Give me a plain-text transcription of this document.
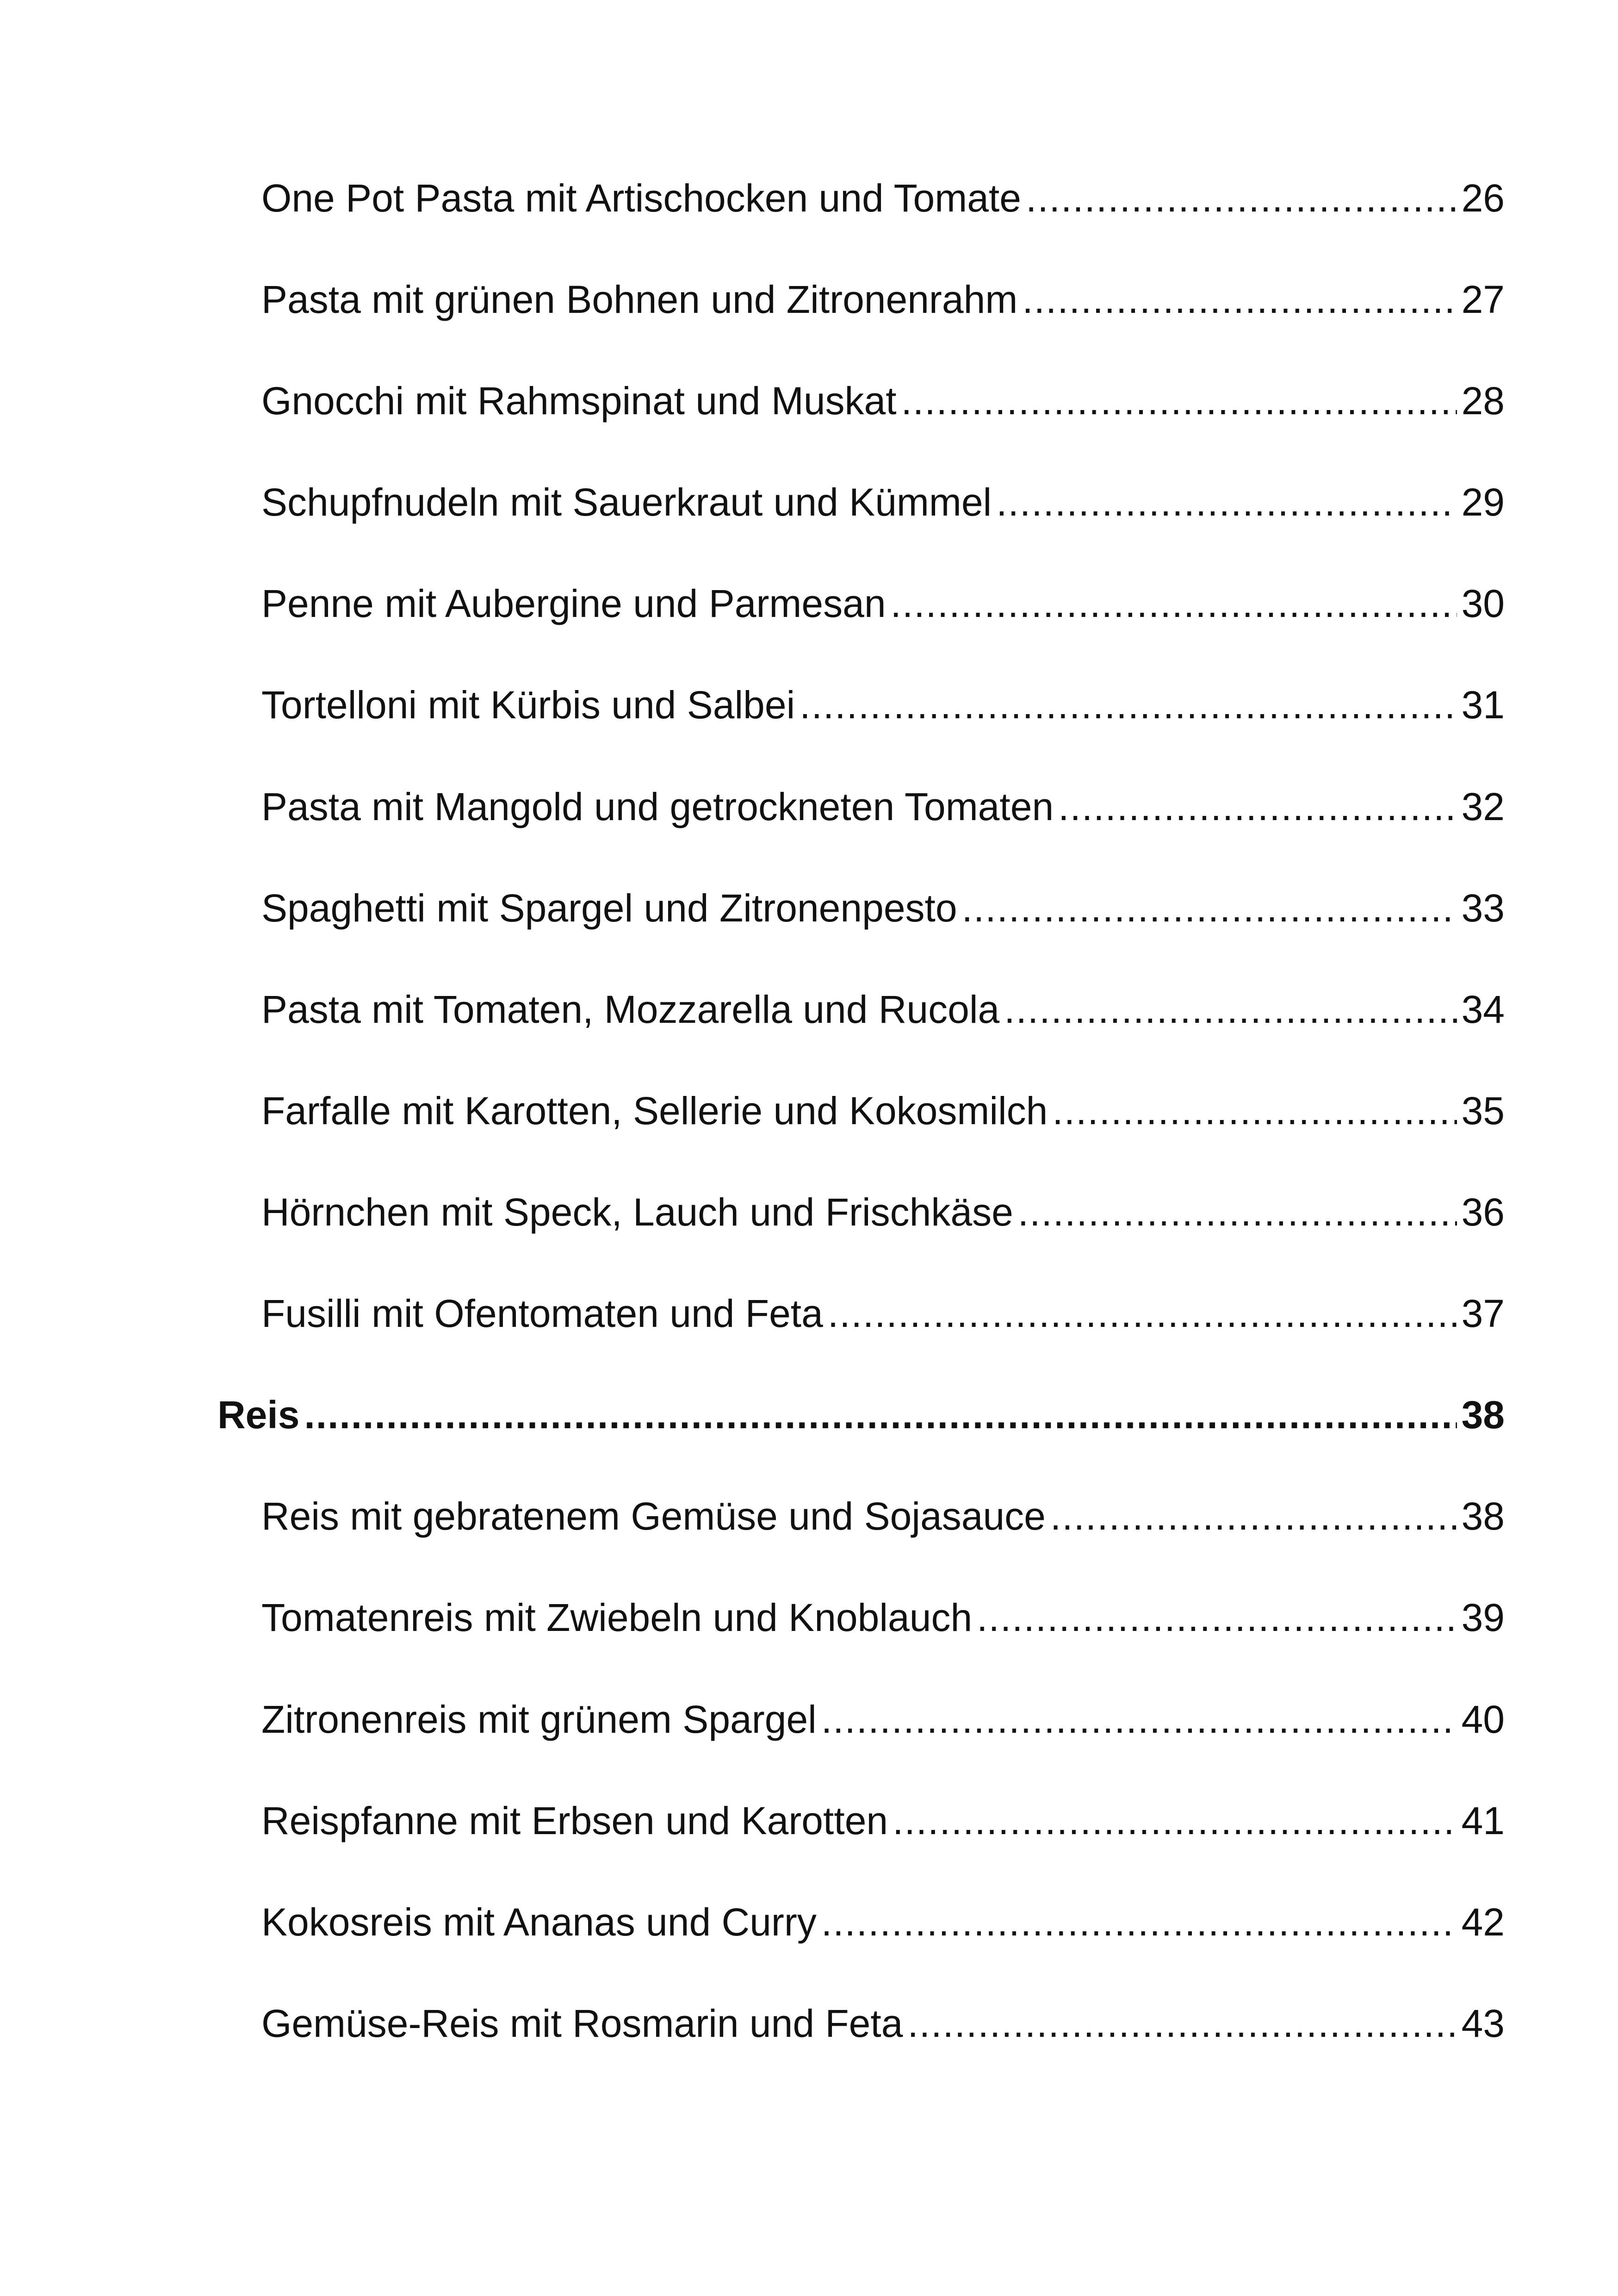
One Pot Pasta mit Artischocken und Tomate .....	26
Pasta mit grünen Bohnen und Zitronenrahm .....	27
Gnocchi mit Rahmspinat und Muskat .....	28
Schupfnudeln mit Sauerkraut und Kümmel .....	29
Penne mit Aubergine und Parmesan .....	30
Tortelloni mit Kürbis und Salbei .....	31
Pasta mit Mangold und getrockneten Tomaten .....	32
Spaghetti mit Spargel und Zitronenpesto .....	33
Pasta mit Tomaten, Mozzarella und Rucola .....	34
Farfalle mit Karotten, Sellerie und Kokosmilch .....	35
Hörnchen mit Speck, Lauch und Frischkäse .....	36
Fusilli mit Ofentomaten und Feta .....	37
Reis .....	38
Reis mit gebratenem Gemüse und Sojasauce .....	38
Tomatenreis mit Zwiebeln und Knoblauch .....	39
Zitronenreis mit grünem Spargel .....	40
Reispfanne mit Erbsen und Karotten .....	41
Kokosreis mit Ananas und Curry .....	42
Gemüse-Reis mit Rosmarin und Feta .....	43
